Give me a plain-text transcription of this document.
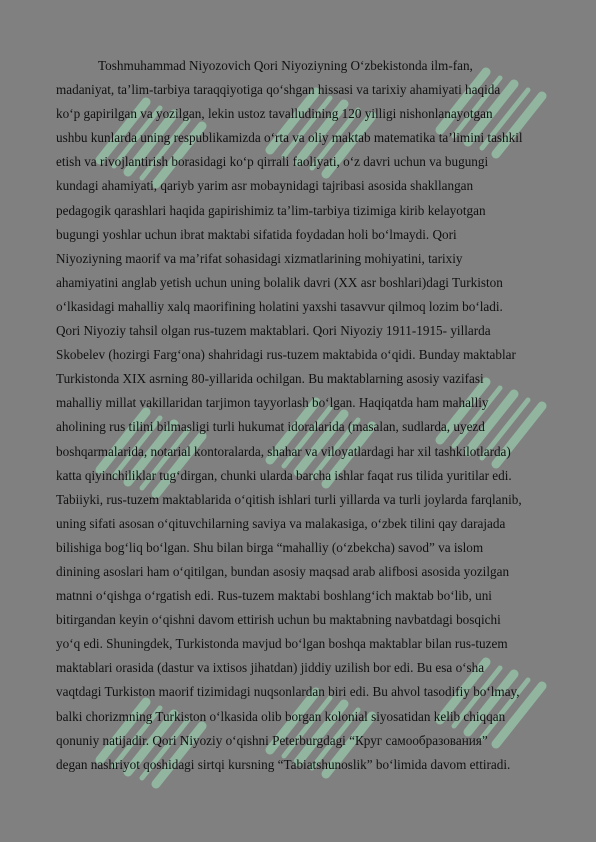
Toshmuhammad Niyozovich Qori Niyoziyning O‘zbekistonda ilm-fan,
madaniyat, ta’lim-tarbiya taraqqiyotiga qo‘shgan hissasi va tarixiy ahamiyati haqida
ko‘p gapirilgan va yozilgan, lekin ustoz tavalludining 120 yilligi nishonlanayotgan
ushbu kunlarda uning respublikamizda o‘rta va oliy maktab matematika ta’limini tashkil
etish va rivojlantirish borasidagi ko‘p qirrali faoliyati, o‘z davri uchun va bugungi
kundagi ahamiyati, qariyb yarim asr mobaynidagi tajribasi asosida shakllangan
pedagogik qarashlari haqida gapirishimiz ta’lim-tarbiya tizimiga kirib kelayotgan
bugungi yoshlar uchun ibrat maktabi sifatida foydadan holi bo‘lmaydi. Qori
Niyoziyning maorif va ma’rifat sohasidagi xizmatlarining mohiyatini, tarixiy
ahamiyatini anglab yetish uchun uning bolalik davri (XX asr boshlari)dagi Turkiston
o‘lkasidagi mahalliy xalq maorifining holatini yaxshi tasavvur qilmoq lozim bo‘ladi.
Qori Niyoziy tahsil olgan rus-tuzem maktablari. Qori Niyoziy 1911-1915- yillarda
Skobelev (hozirgi Farg‘ona) shahridagi rus-tuzem maktabida o‘qidi. Bunday maktablar
Turkistonda XIX asrning 80-yillarida ochilgan. Bu maktablarning asosiy vazifasi
mahalliy millat vakillaridan tarjimon tayyorlash bo‘lgan. Haqiqatda ham mahalliy
aholining rus tilini bilmasligi turli hukumat idoralarida (masalan, sudlarda, uyezd
boshqarmalarida, notarial kontoralarda, shahar va viloyatlardagi har xil tashkilotlarda)
katta qiyinchiliklar tug‘dirgan, chunki ularda barcha ishlar faqat rus tilida yuritilar edi.
Tabiiyki, rus-tuzem maktablarida o‘qitish ishlari turli yillarda va turli joylarda farqlanib,
uning sifati asosan o‘qituvchilarning saviya va malakasiga, o‘zbek tilini qay darajada
bilishiga bog‘liq bo‘lgan. Shu bilan birga “mahalliy (o‘zbekcha) savod” va islom
dinining asoslari ham o‘qitilgan, bundan asosiy maqsad arab alifbosi asosida yozilgan
matnni o‘qishga o‘rgatish edi. Rus-tuzem maktabi boshlang‘ich maktab bo‘lib, uni
bitirgandan keyin o‘qishni davom ettirish uchun bu maktabning navbatdagi bosqichi
yo‘q edi. Shuningdek, Turkistonda mavjud bo‘lgan boshqa maktablar bilan rus-tuzem
maktablari orasida (dastur va ixtisos jihatdan) jiddiy uzilish bor edi. Bu esa o‘sha
vaqtdagi Turkiston maorif tizimidagi nuqsonlardan biri edi. Bu ahvol tasodifiy bo‘lmay,
balki chorizmning Turkiston o‘lkasida olib borgan kolonial siyosatidan kelib chiqqan
qonuniy natijadir. Qori Niyoziy o‘qishni Peterburgdagi “Круг самообразования”
degan nashriyot qoshidagi sirtqi kursning “Tabiatshunoslik” bo‘limida davom ettiradi.
